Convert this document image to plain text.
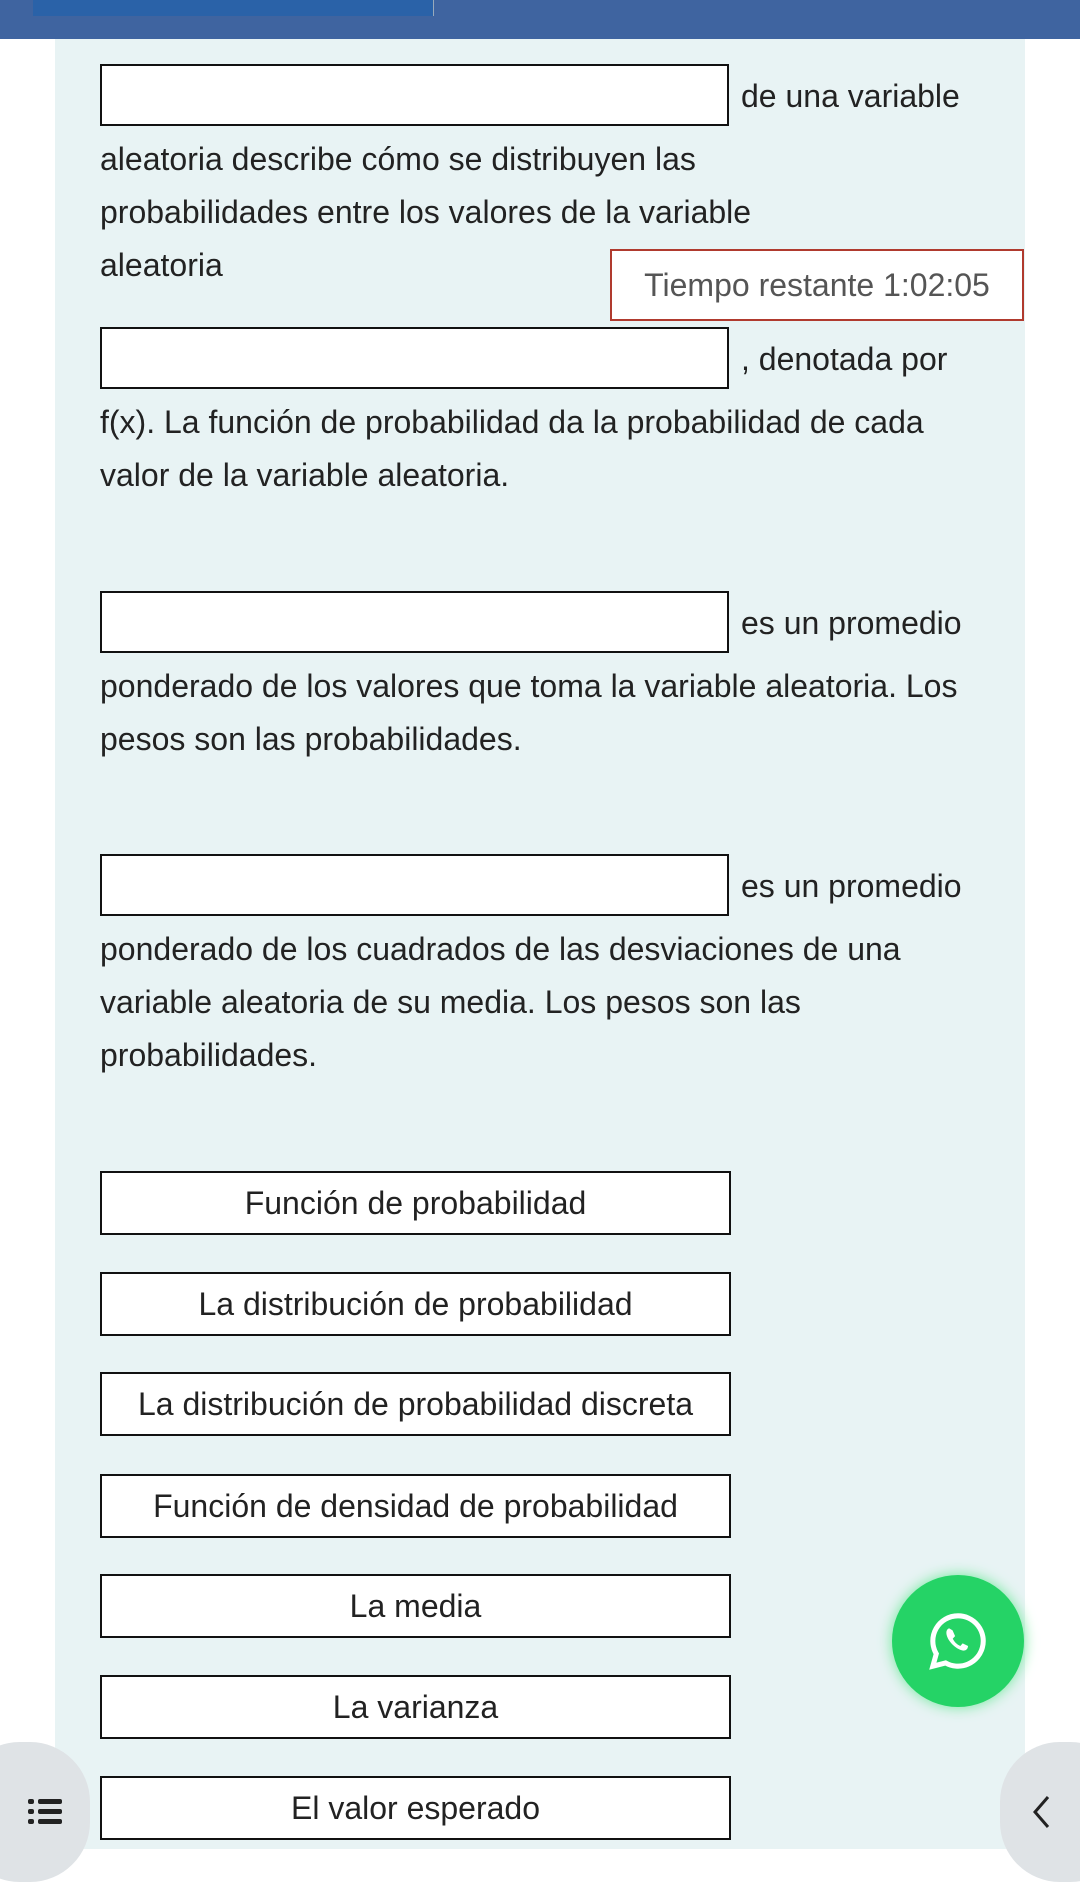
de una variable
aleatoria describe cómo se distribuyen las probabilidades entre los valores de la variable aleatoria
Tiempo restante 1:02:05
, denotada por
f(x). La función de probabilidad da la probabilidad de cada valor de la variable aleatoria.
es un promedio
ponderado de los valores que toma la variable aleatoria. Los pesos son las probabilidades.
es un promedio
ponderado de los cuadrados de las desviaciones de una variable aleatoria de su media. Los pesos son las probabilidades.
Función de probabilidad
La distribución de probabilidad
La distribución de probabilidad discreta
Función de densidad de probabilidad
La media
La varianza
El valor esperado
